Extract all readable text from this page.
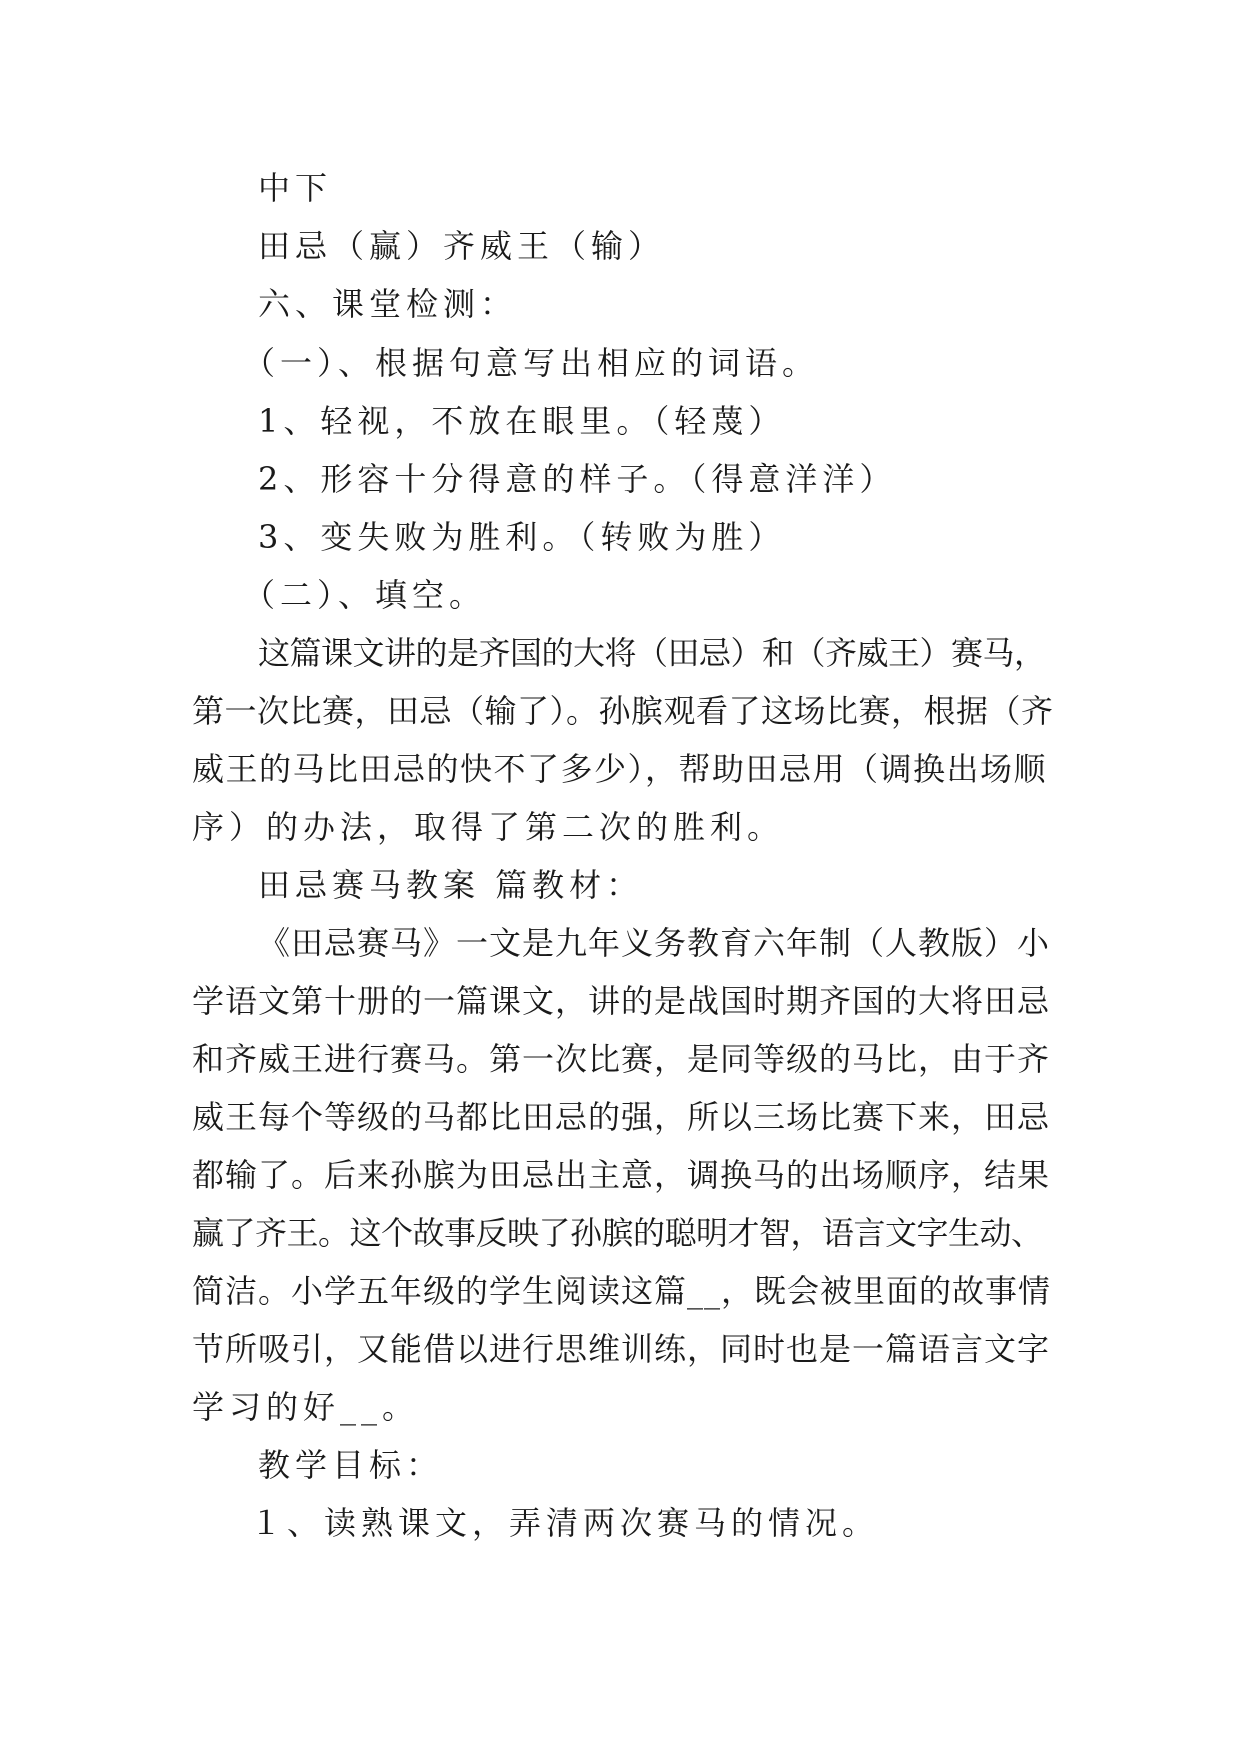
中下
田忌（赢）齐威王（输）
六、课堂检测：
（一）、根据句意写出相应的词语。
1、轻视，不放在眼里。（轻蔑）
2、形容十分得意的样子。（得意洋洋）
3、变失败为胜利。（转败为胜）
（二）、填空。
这篇课文讲的是齐国的大将（田忌）和（齐威王）赛马，
第一次比赛，田忌（输了）。孙膑观看了这场比赛，根据（齐
威王的马比田忌的快不了多少），帮助田忌用（调换出场顺
序）的办法，取得了第二次的胜利。
田忌赛马教案 篇教材：
《田忌赛马》一文是九年义务教育六年制（人教版）小
学语文第十册的一篇课文，讲的是战国时期齐国的大将田忌
和齐威王进行赛马。第一次比赛，是同等级的马比，由于齐
威王每个等级的马都比田忌的强，所以三场比赛下来，田忌
都输了。后来孙膑为田忌出主意，调换马的出场顺序，结果
赢了齐王。这个故事反映了孙膑的聪明才智，语言文字生动、
简洁。小学五年级的学生阅读这篇__，既会被里面的故事情
节所吸引，又能借以进行思维训练，同时也是一篇语言文字
学习的好__。
教学目标：
１、读熟课文，弄清两次赛马的情况。
